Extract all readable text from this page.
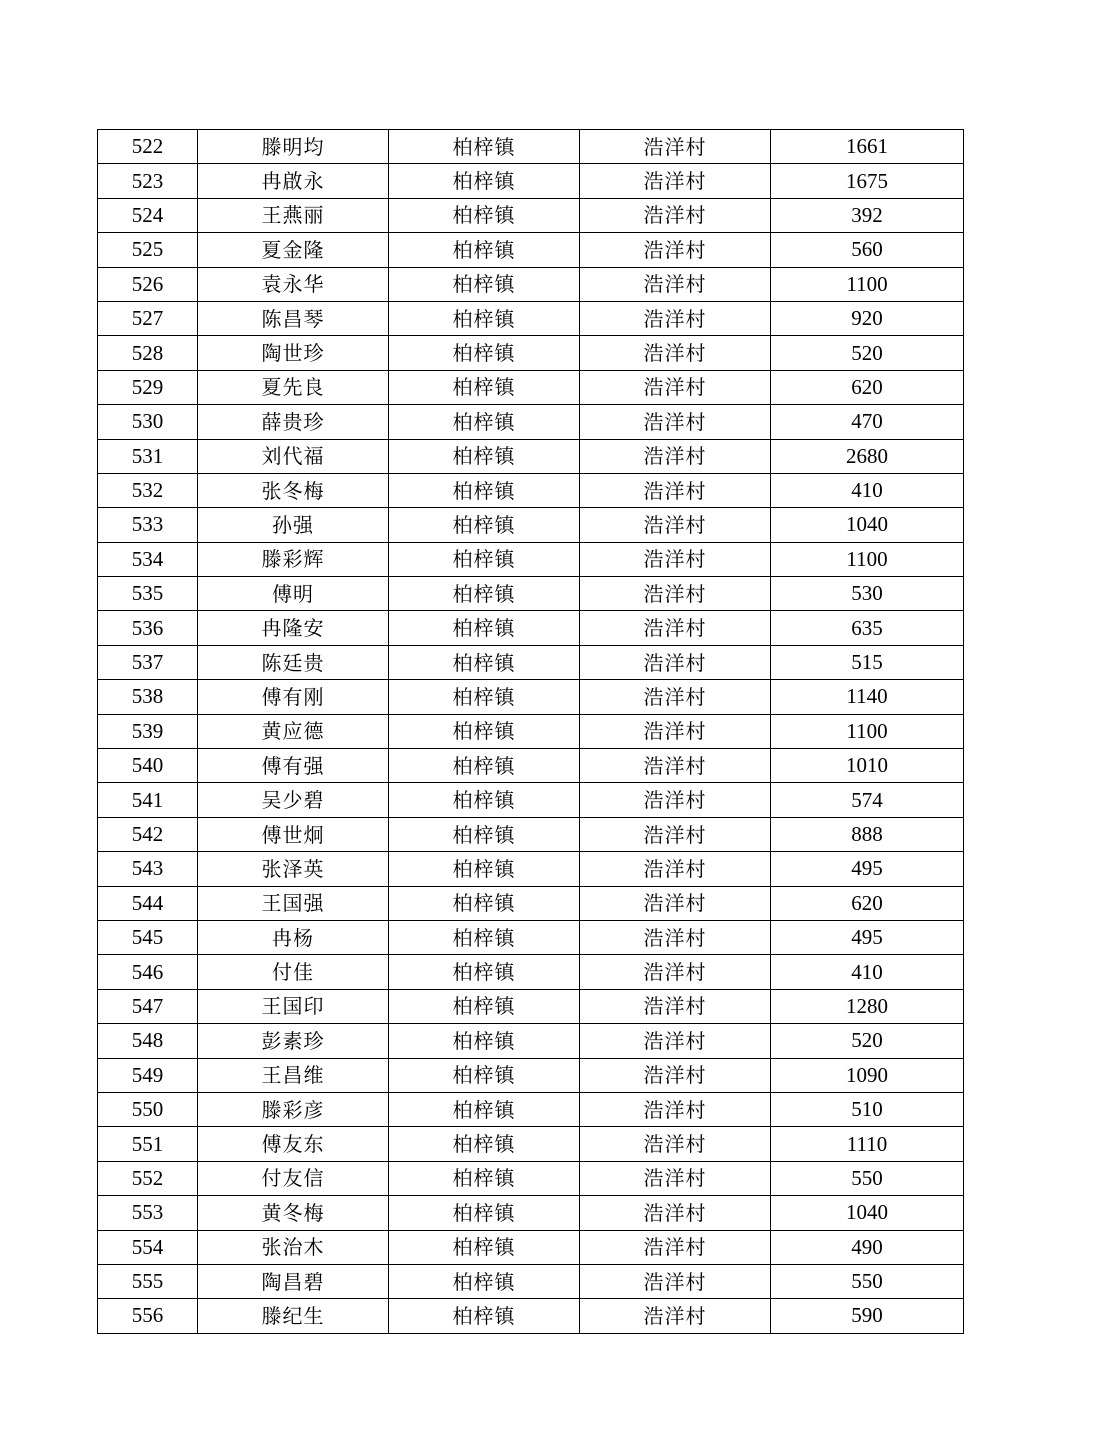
522	滕明均	柏梓镇	浩洋村	1661
523	冉啟永	柏梓镇	浩洋村	1675
524	王燕丽	柏梓镇	浩洋村	392
525	夏金隆	柏梓镇	浩洋村	560
526	袁永华	柏梓镇	浩洋村	1100
527	陈昌琴	柏梓镇	浩洋村	920
528	陶世珍	柏梓镇	浩洋村	520
529	夏先良	柏梓镇	浩洋村	620
530	薛贵珍	柏梓镇	浩洋村	470
531	刘代福	柏梓镇	浩洋村	2680
532	张冬梅	柏梓镇	浩洋村	410
533	孙强	柏梓镇	浩洋村	1040
534	滕彩辉	柏梓镇	浩洋村	1100
535	傅明	柏梓镇	浩洋村	530
536	冉隆安	柏梓镇	浩洋村	635
537	陈廷贵	柏梓镇	浩洋村	515
538	傅有刚	柏梓镇	浩洋村	1140
539	黄应德	柏梓镇	浩洋村	1100
540	傅有强	柏梓镇	浩洋村	1010
541	吴少碧	柏梓镇	浩洋村	574
542	傅世炯	柏梓镇	浩洋村	888
543	张泽英	柏梓镇	浩洋村	495
544	王国强	柏梓镇	浩洋村	620
545	冉杨	柏梓镇	浩洋村	495
546	付佳	柏梓镇	浩洋村	410
547	王国印	柏梓镇	浩洋村	1280
548	彭素珍	柏梓镇	浩洋村	520
549	王昌维	柏梓镇	浩洋村	1090
550	滕彩彦	柏梓镇	浩洋村	510
551	傅友东	柏梓镇	浩洋村	1110
552	付友信	柏梓镇	浩洋村	550
553	黄冬梅	柏梓镇	浩洋村	1040
554	张治木	柏梓镇	浩洋村	490
555	陶昌碧	柏梓镇	浩洋村	550
556	滕纪生	柏梓镇	浩洋村	590
